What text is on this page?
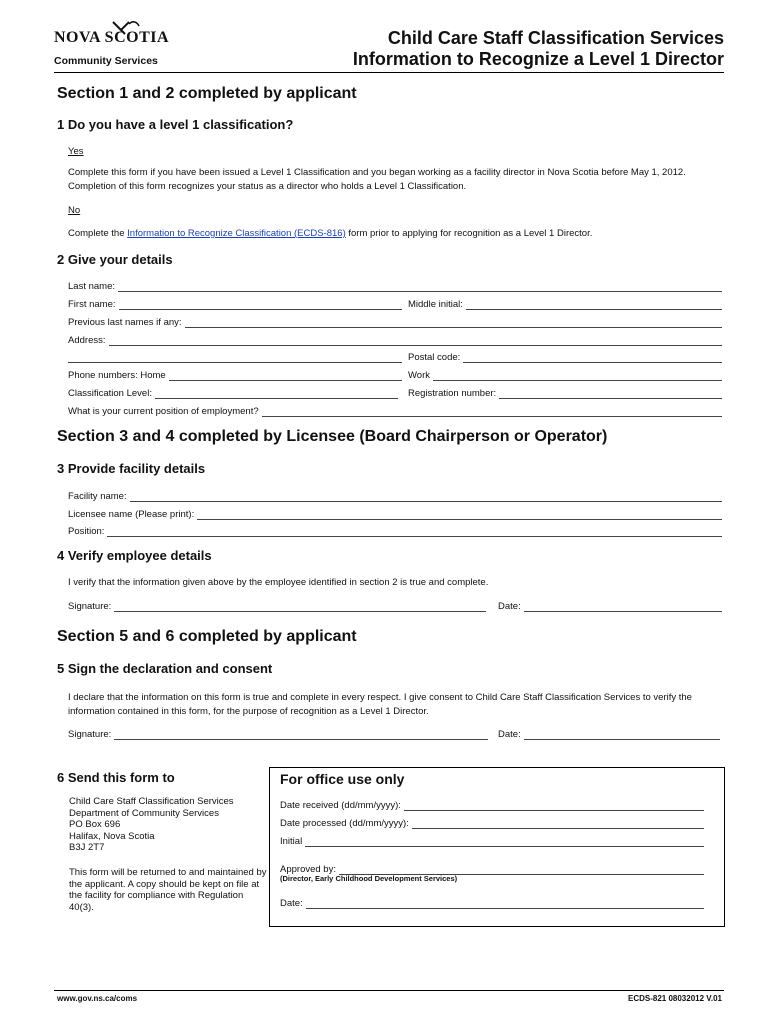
NOVA SCOTIA
Community Services
Child Care Staff Classification Services
Information to Recognize a Level 1 Director
Section 1 and 2 completed by applicant
1 Do you have a level 1 classification?
Yes
Complete this form if you have been issued a Level 1 Classification and you began working as a facility director in Nova Scotia before May 1, 2012. Completion of this form recognizes your status as a director who holds a Level 1 Classification.
No
Complete the Information to Recognize Classification (ECDS-816) form prior to applying for recognition as a Level 1 Director.
2 Give your details
Last name:
First name:	Middle initial:
Previous last names if any:
Address:
Postal code:
Phone numbers: Home	Work
Classification Level:	Registration number:
What is your current position of employment?
Section 3 and 4 completed by Licensee (Board Chairperson or Operator)
3 Provide facility details
Facility name:
Licensee name (Please print):
Position:
4 Verify employee details
I verify that the information given above by the employee identified in section 2 is true and complete.
Signature:	Date:
Section 5 and 6 completed by applicant
5 Sign the declaration and consent
I declare that the information on this form is true and complete in every respect. I give consent to Child Care Staff Classification Services to verify the information contained in this form, for the purpose of recognition as a Level 1 Director.
Signature:	Date:
6 Send this form to
Child Care Staff Classification Services
Department of Community Services
PO Box 696
Halifax, Nova Scotia
B3J 2T7
This form will be returned to and maintained by the applicant. A copy should be kept on file at the facility for compliance with Regulation 40(3).
For office use only
Date received (dd/mm/yyyy):
Date processed (dd/mm/yyyy):
Initial
Approved by:
(Director, Early Childhood Development Services)
Date:
www.gov.ns.ca/coms	ECDS-821 08032012 V.01
